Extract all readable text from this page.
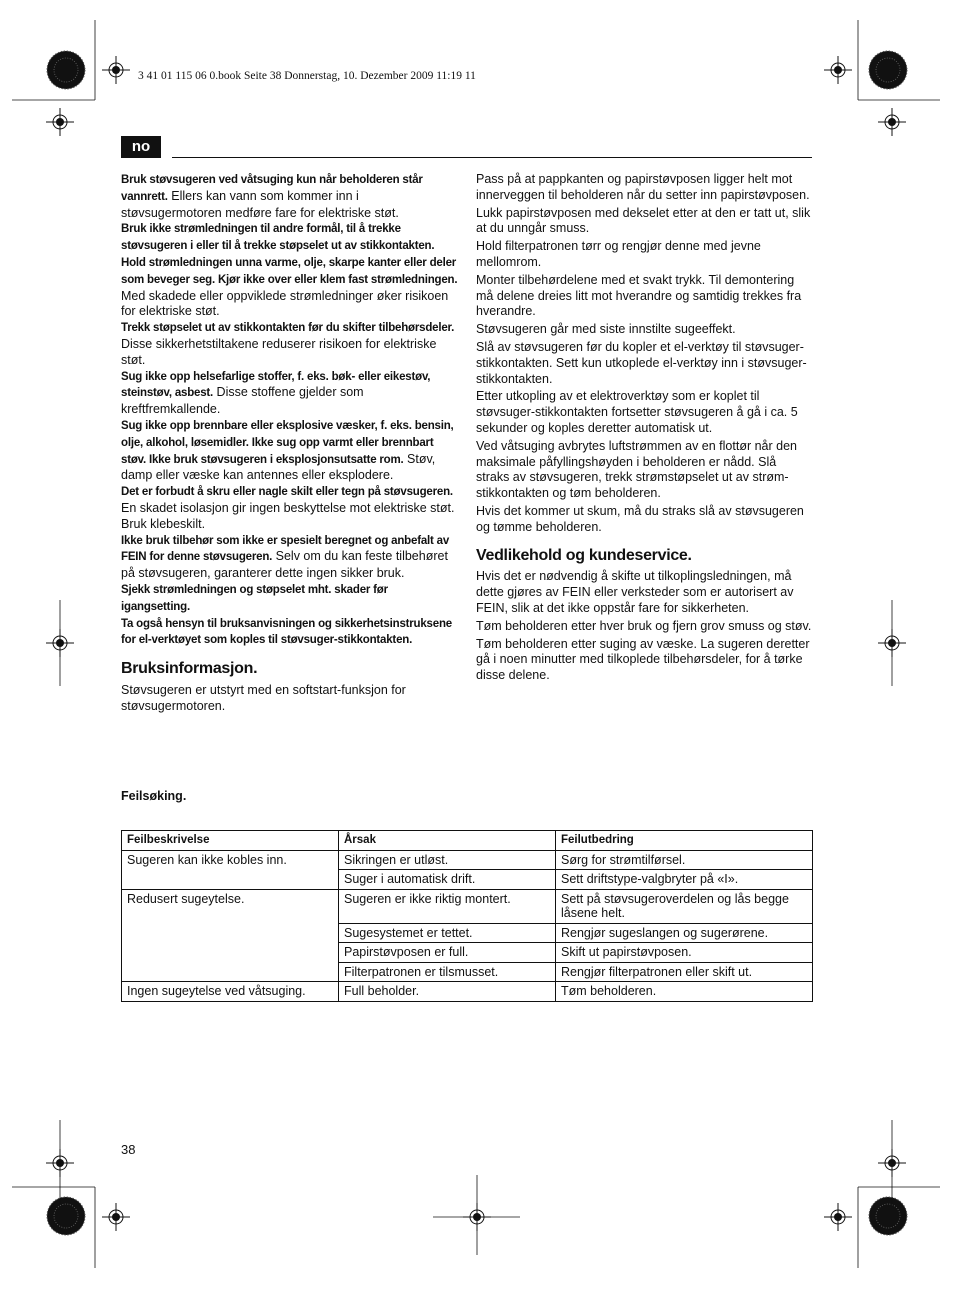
3 41 01 115 06 0.book Seite 38 Donnerstag, 10. Dezember 2009 11:19 11
no

Bruk støvsugeren ved våtsuging kun når beholderen står vannrett. Ellers kan vann som kommer inn i støvsugermotoren medføre fare for elektriske støt.

Bruk ikke strømledningen til andre formål, til å trekke støvsugeren i eller til å trekke støpselet ut av stikkontakten. Hold strømledningen unna varme, olje, skarpe kanter eller deler som beveger seg. Kjør ikke over eller klem fast strømledningen. Med skadede eller oppviklede strømledninger øker risikoen for elektriske støt.

Trekk støpselet ut av stikkontakten før du skifter tilbehørsdeler. Disse sikkerhetstiltakene reduserer risikoen for elektriske støt.

Sug ikke opp helsefarlige stoffer, f. eks. bøk- eller eikestøv, steinstøv, asbest. Disse stoffene gjelder som kreftfremkallende.

Sug ikke opp brennbare eller eksplosive væsker, f. eks. bensin, olje, alkohol, løsemidler. Ikke sug opp varmt eller brennbart støv. Ikke bruk støvsugeren i eksplosjonsutsatte rom. Støv, damp eller væske kan antennes eller eksplodere.

Det er forbudt å skru eller nagle skilt eller tegn på støvsugeren. En skadet isolasjon gir ingen beskyttelse mot elektriske støt. Bruk klebeskilt.

Ikke bruk tilbehør som ikke er spesielt beregnet og anbefalt av FEIN for denne støvsugeren. Selv om du kan feste tilbehøret på støvsugeren, garanterer dette ingen sikker bruk.

Sjekk strømledningen og støpselet mht. skader før igangsetting.

Ta også hensyn til bruksanvisningen og sikkerhetsinstruksene for el-verktøyet som koples til støvsuger-stikkontakten.

Bruksinformasjon.

Støvsugeren er utstyrt med en softstart-funksjon for støvsugermotoren.

Pass på at pappkanten og papirstøvposen ligger helt mot innerveggen til beholderen når du setter inn papirstøvposen.

Lukk papirstøvposen med dekselet etter at den er tatt ut, slik at du unngår smuss.

Hold filterpatronen tørr og rengjør denne med jevne mellomrom.

Monter tilbehørdelene med et svakt trykk. Til demontering må delene dreies litt mot hverandre og samtidig trekkes fra hverandre.

Støvsugeren går med siste innstilte sugeeffekt.

Slå av støvsugeren før du kopler et el-verktøy til støvsuger-stikkontakten. Sett kun utkoplede el-verktøy inn i støvsuger-stikkontakten.

Etter utkopling av et elektroverktøy som er koplet til støvsuger-stikkontakten fortsetter støvsugeren å gå i ca. 5 sekunder og koples deretter automatisk ut.

Ved våtsuging avbrytes luftstrømmen av en flottør når den maksimale påfyllingshøyden i beholderen er nådd. Slå straks av støvsugeren, trekk strømstøpselet ut av strøm-stikkontakten og tøm beholderen.

Hvis det kommer ut skum, må du straks slå av støvsugeren og tømme beholderen.

Vedlikehold og kundeservice.

Hvis det er nødvendig å skifte ut tilkoplingsledningen, må dette gjøres av FEIN eller verksteder som er autorisert av FEIN, slik at det ikke oppstår fare for sikkerheten.

Tøm beholderen etter hver bruk og fjern grov smuss og støv.

Tøm beholderen etter suging av væske. La sugeren deretter gå i noen minutter med tilkoplede tilbehørsdeler, for å tørke disse delene.

Feilsøking.
Feilbeskrivelse	Årsak	Feilutbedring
Sugeren kan ikke kobles inn.	Sikringen er utløst.	Sørg for strømtilførsel.
	Suger i automatisk drift.	Sett driftstype-valgbryter på «I».
Redusert sugeytelse.	Sugeren er ikke riktig montert.	Sett på støvsugeroverdelen og lås begge låsene helt.
	Sugesystemet er tettet.	Rengjør sugeslangen og sugerørene.
	Papirstøvposen er full.	Skift ut papirstøvposen.
	Filterpatronen er tilsmusset.	Rengjør filterpatronen eller skift ut.
Ingen sugeytelse ved våtsuging.	Full beholder.	Tøm beholderen.
38
